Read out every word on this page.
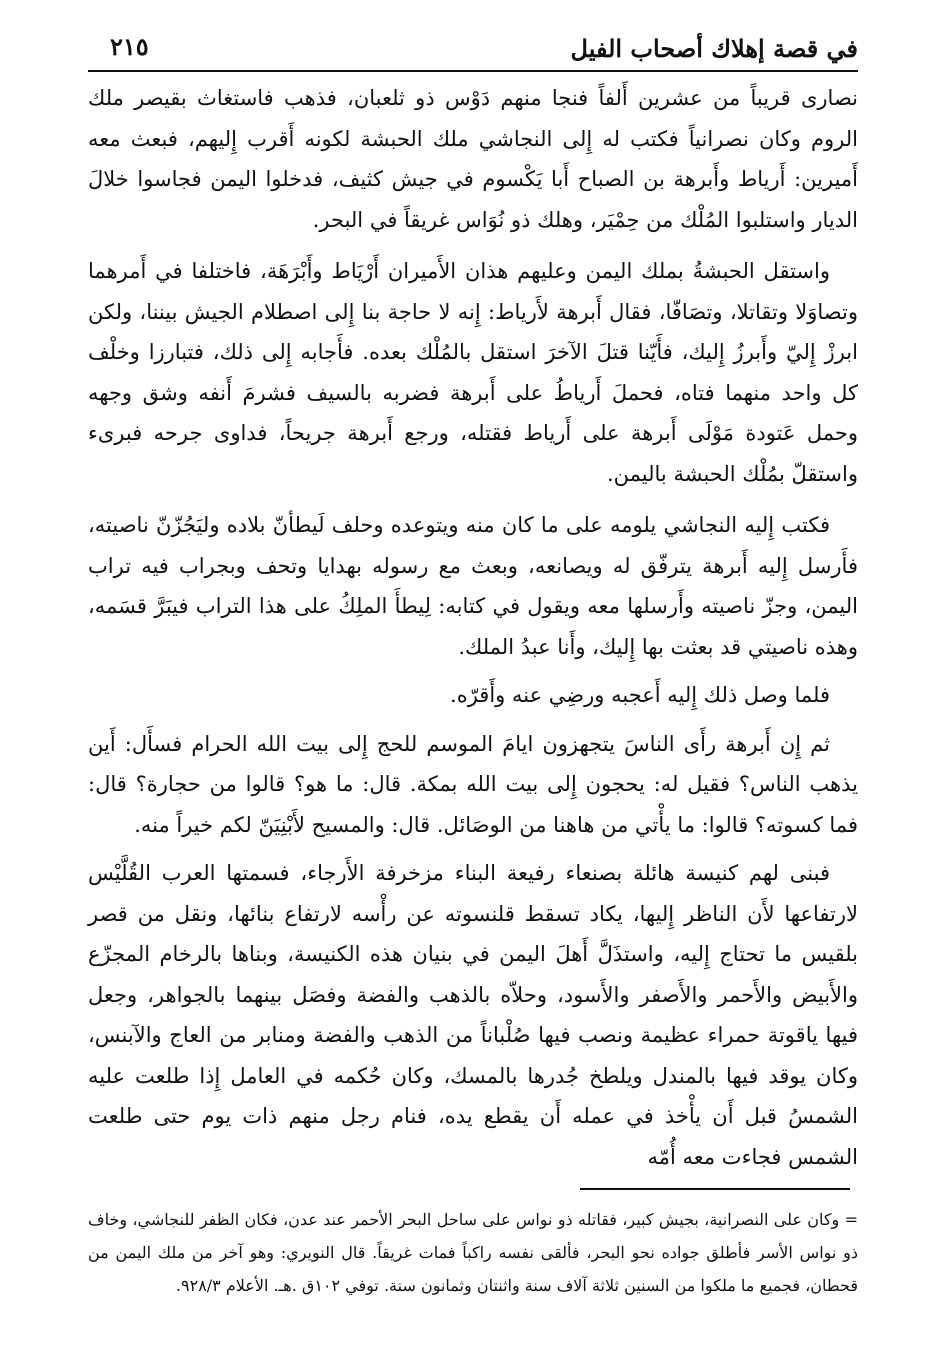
في قصة إهلاك أصحاب الفيل
٢١٥

نصارى قريباً من عشرين أَلفاً فنجا منهم دَوْس ذو ثلعبان، فذهب فاستغاث بقيصر ملك الروم وكان نصرانياً فكتب له إِلى النجاشي ملك الحبشة لكونه أَقرب إِليهم، فبعث معه أَميرين: أَرياط وأَبرهة بن الصباح أَبا يَكْسوم في جيش كثيف، فدخلوا اليمن فجاسوا خلالَ الديار واستلبوا المُلْك من حِمْيَر، وهلك ذو نُوَاس غريقاً في البحر.

واستقل الحبشةُ بملك اليمن وعليهم هذان الأَميران أَرْيَاط وأَبْرَهَة، فاختلفا في أَمرهما وتصاوَلا وتقاتلا، وتصَافّا، فقال أَبرهة لأَرياط: إِنه لا حاجة بنا إِلى اصطلام الجيش بيننا، ولكن ابرزْ إِليّ وأَبرزُ إِليك، فأَيّنا قتلَ الآخرَ استقل بالمُلْك بعده. فأَجابه إِلى ذلك، فتبارزا وخلْف كل واحد منهما فتاه، فحملَ أَرياطُ على أَبرهة فضربه بالسيف فشرمَ أَنفه وشق وجهه وحمل عَتودة مَوْلَى أَبرهة على أَرياط فقتله، ورجع أَبرهة جريحاً، فداوى جرحه فبرىء واستقلّ بمُلْك الحبشة باليمن.

فكتب إِليه النجاشي يلومه على ما كان منه ويتوعده وحلف لَيطأنّ بلاده وليَجُزّنّ ناصيته، فأَرسل إِليه أَبرهة يترفّق له ويصانعه، وبعث مع رسوله بهدايا وتحف وبجراب فيه تراب اليمن، وجزّ ناصيته وأَرسلها معه ويقول في كتابه: لِيطأَ الملِكُ على هذا التراب فيبَرَّ قسَمه، وهذه ناصيتي قد بعثت بها إِليك، وأَنا عبدُ الملك.

فلما وصل ذلك إِليه أَعجبه ورضِي عنه وأَقرّه.

ثم إِن أَبرهة رأَى الناسَ يتجهزون ايامَ الموسم للحج إِلى بيت الله الحرام فسأَل: أَين يذهب الناس؟ فقيل له: يحجون إِلى بيت الله بمكة. قال: ما هو؟ قالوا من حجارة؟ قال: فما كسوته؟ قالوا: ما يأْتي من هاهنا من الوصَائل. قال: والمسيح لأَبْنِيَنّ لكم خيراً منه.

فبنى لهم كنيسة هائلة بصنعاء رفيعة البناء مزخرفة الأَرجاء، فسمتها العرب القُلَّيْس لارتفاعها لأَن الناظر إِليها، يكاد تسقط قلنسوته عن رأْسه لارتفاع بنائها، ونقل من قصر بلقيس ما تحتاج إِليه، واستذَلَّ أَهلَ اليمن في بنيان هذه الكنيسة، وبناها بالرخام المجزّع والأَبيض والأَحمر والأَصفر والأَسود، وحلاّه بالذهب والفضة وفصَل بينهما بالجواهر، وجعل فيها ياقوتة حمراء عظيمة ونصب فيها صُلْباناً من الذهب والفضة ومنابر من العاج والآبنس، وكان يوقد فيها بالمندل ويلطخ جُدرها بالمسك، وكان حُكمه في العامل إِذا طلعت عليه الشمسُ قبل أَن يأْخذ في عمله أَن يقطع يده، فنام رجل منهم ذات يوم حتى طلعت الشمس فجاءت معه أُمّه

= وكان على النصرانية، بجيش كبير، فقاتله ذو نواس على ساحل البحر الأحمر عند عدن، فكان الظفر للنجاشي، وخاف ذو نواس الأسر فأطلق جواده نحو البحر، فألقى نفسه راكباً فمات غريقاً. قال النويري: وهو آخر من ملك اليمن من قحطان، فجميع ما ملكوا من السنين ثلاثة آلاف سنة واثنتان وثمانون سنة. توفي ١٠٢ق .هـ. الأعلام ٩٢٨/٣.
